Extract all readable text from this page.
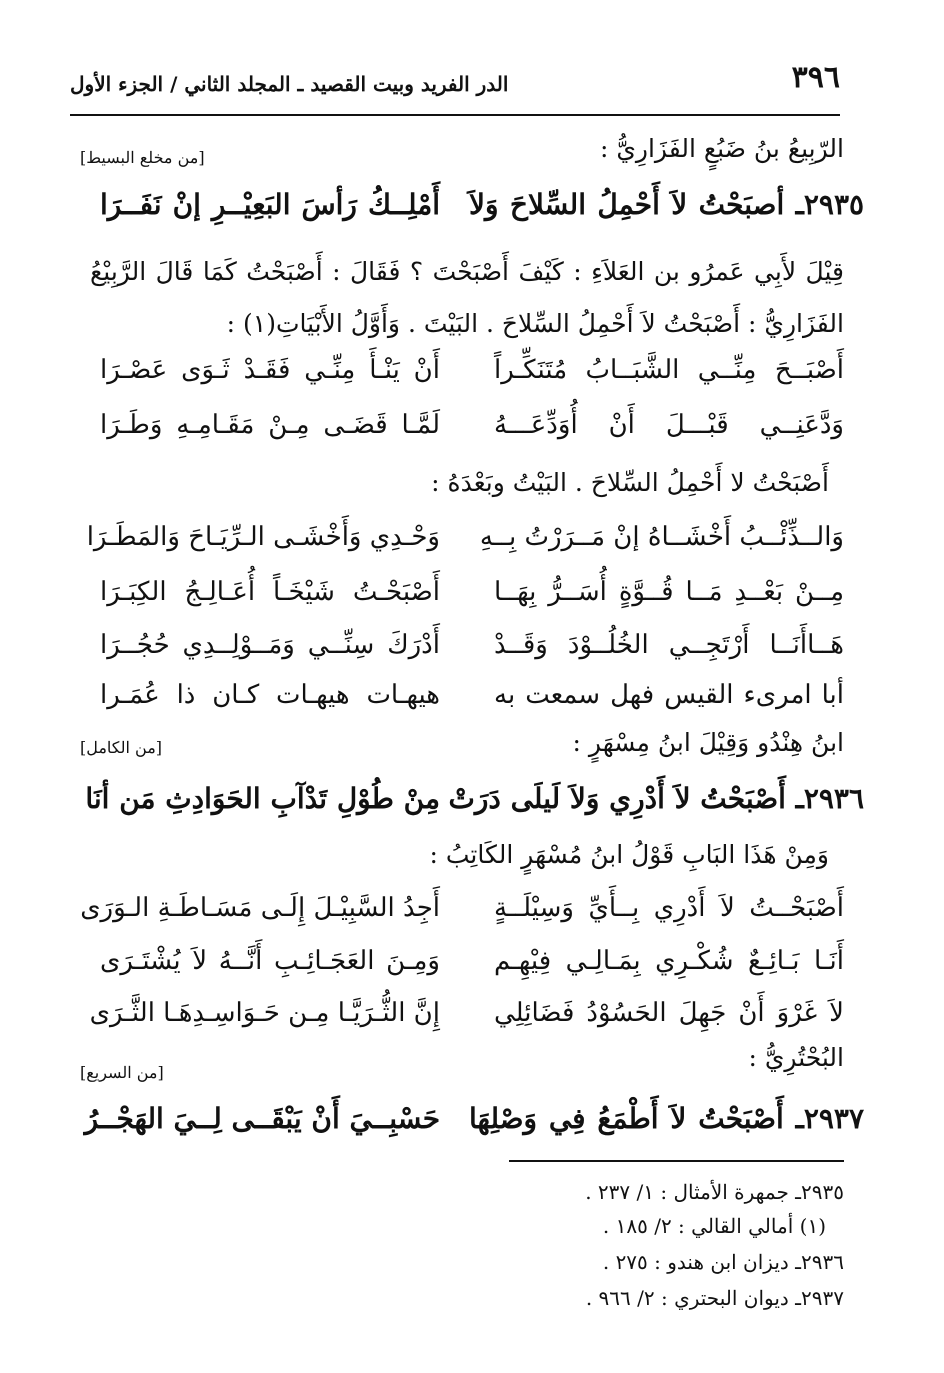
٣٩٦
الدر الفريد وبيت القصيد ـ المجلد الثاني / الجزء الأول
الرّبِيعُ بنُ ضَبُعٍ الفَزَارِيُّ :
[من مخلع البسيط]
٢٩٣٥ـ أصبَحْتُ لاَ أَحْمِلُ السِّلاحَ وَلاَ
أَمْلِــكُ رَأسَ البَعِيْــرِ إنْ نَفَــرَا
قِيْلَ لأَبِي عَمرُو بن العَلاَءِ : كَيْفَ أَصْبَحْتَ ؟ فَقَالَ : أَصْبَحْتُ كَمَا قَالَ الرَّبِيْعُ الفَزَارِيُّ : أَصْبَحْتُ لاَ أَحْمِلُ السِّلاحَ . البَيْتَ . وَأَوَّلُ الأَبْيَاتِ(١) :
أَصْبَــحَ مِنِّــي الشَّبَــابُ مُتَنَكِّـراً
أَنْ يَنْـأَ مِنِّـي فَقَـدْ ثَـوَى عَصْـرَا
وَدَّعَنِــي قَبْـــلَ أَنْ أُوَدِّعَـــهُ
لَمَّـا قَضَـى مِـنْ مَقَـامِـهِ وَطَـرَا
أَصْبَحْتُ لا أَحْمِلُ السِّلاحَ . البَيْتُ وبَعْدَهُ :
وَالــذِّئْــبُ أَخْشَــاهُ إنْ مَــرَرْتُ بِــهِ
وَحْـدِي وَأَخْشَـى الـرِّيَـاحَ وَالمَطَـرَا
مِــنْ بَعْــدِ مَــا قُــوَّةٍ أُسَــرُّ بِهَــا
أَصْبَحْـتُ شَيْخَـاً أُعَـالِـجُ الكِبَـرَا
هَــاأَنَــا أَرْتَجِــي الخُلُــوْدَ وَقَــدْ
أَدْرَكَ سِنِّــي وَمَــوْلِــدِي حُجُــرَا
أبا امرىء القيس فهل سمعت به
هيهـات هيهـات كـان ذا عُمَـرا
ابنُ هِنْدُو وَقِيْلَ ابنُ مِسْهَرٍ :
[من الكامل]
٢٩٣٦ـ أَصْبَحْتُ لاَ أَدْرِي وَلاَ لَيلَى دَرَتْ
مِنْ طُوْلِ تَدْآبِ الحَوَادِثِ مَن أنَا
وَمِنْ هَذَا البَابِ قَوْلُ ابنُ مُسْهَرٍ الكَاتِبُ :
أَصْبَحْــتُ لاَ أَدْرِي بِــأَيِّ وَسِيْلَــةٍ
أَجِدُ السَّبِيْـلَ إِلَـى مَسَـاطَـةِ الـوَرَى
أَنَـا بَـائِـعٌ شُكْـرِي بِمَـالِـي فِيْهِـم
وَمِـنَ العَجَـائِـبِ أَنَّــهُ لاَ يُشْتَـرَى
لاَ غَرْوَ أَنْ جَهِلَ الحَسُوْدُ فَضَائِلِي
إِنَّ الثُّـرَيَّـا مِـن حَـوَاسِـدِهَـا الثَّـرَى
البُحْتُرِيُّ :
[من السريع]
٢٩٣٧ـ أَصْبَحْتُ لاَ أَطْمَعُ فِي وَصْلِهَا
حَسْبِــيَ أَنْ يَبْقَــى لِــيَ الهَجْــرُ
٢٩٣٥ـ جمهرة الأمثال : ١/ ٢٣٧ .
(١) أمالي القالي : ٢/ ١٨٥ .
٢٩٣٦ـ ديزان ابن هندو : ٢٧٥ .
٢٩٣٧ـ ديوان البحتري : ٢/ ٩٦٦ .
